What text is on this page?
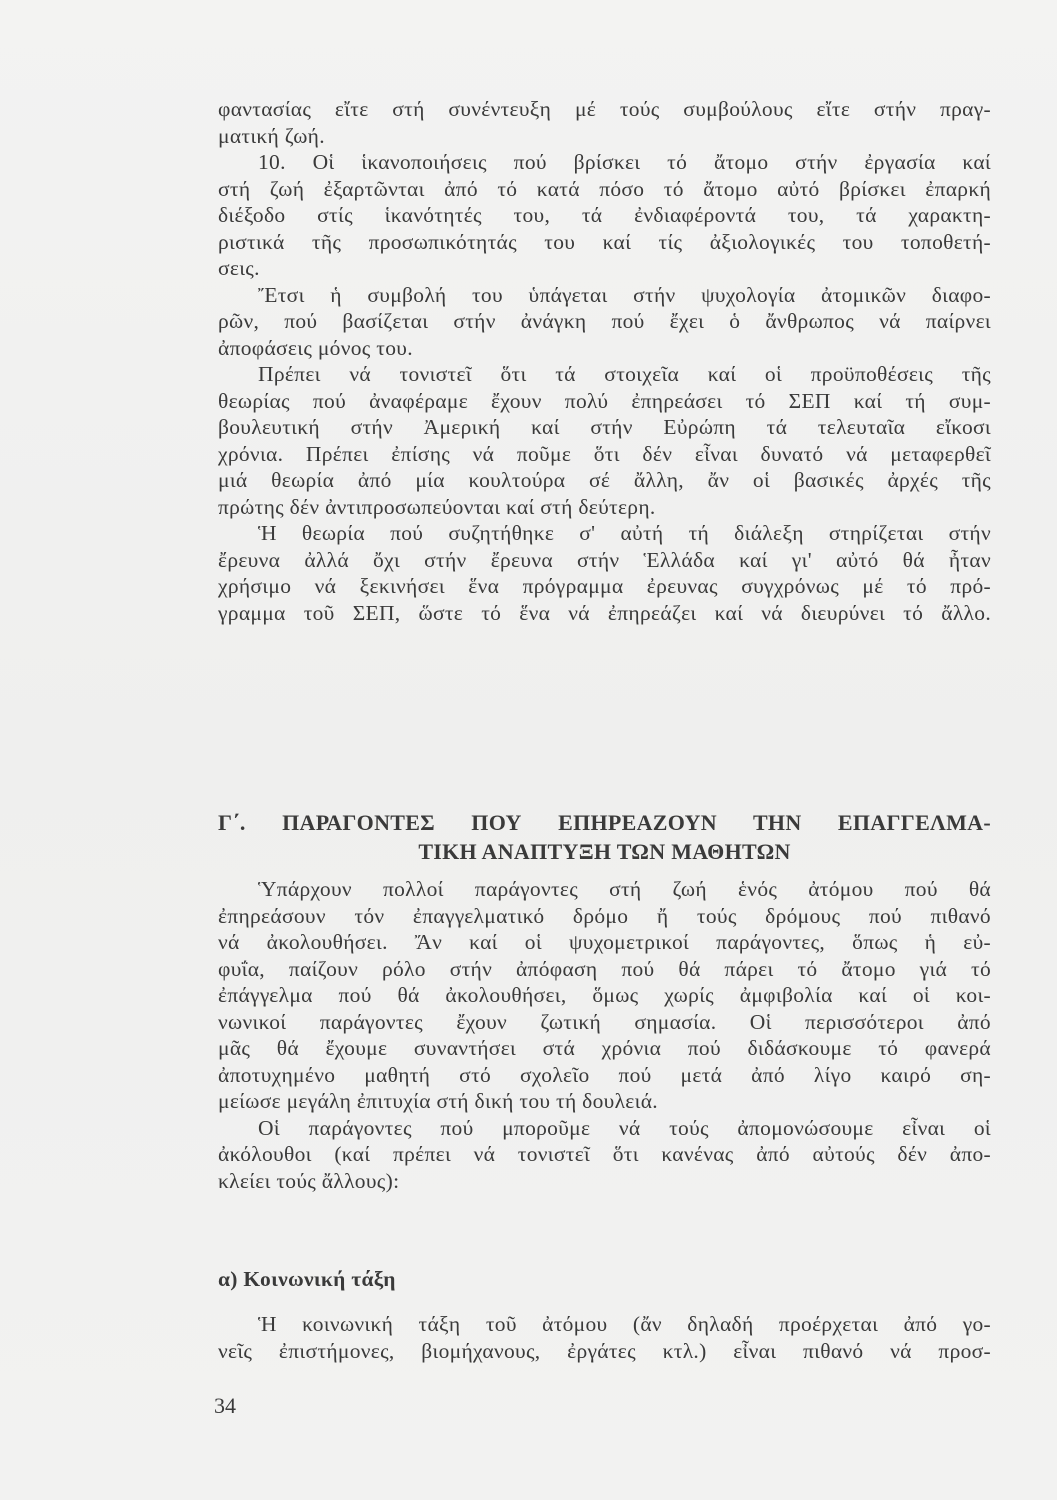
φαντασίας εἴτε στή συνέντευξη μέ τούς συμβούλους εἴτε στήν πραγ-
ματική ζωή.
10. Οἱ ἱκανοποιήσεις πού βρίσκει τό ἄτομο στήν ἐργασία καί
στή ζωή ἐξαρτῶνται ἀπό τό κατά πόσο τό ἄτομο αὐτό βρίσκει ἐπαρκή
διέξοδο στίς ἱκανότητές του, τά ἐνδιαφέροντά του, τά χαρακτη-
ριστικά τῆς προσωπικότητάς του καί τίς ἀξιολογικές του τοποθετή-
σεις.
Ἔτσι ἡ συμβολή του ὑπάγεται στήν ψυχολογία ἀτομικῶν διαφο-
ρῶν, πού βασίζεται στήν ἀνάγκη πού ἔχει ὁ ἄνθρωπος νά παίρνει
ἀποφάσεις μόνος του.
Πρέπει νά τονιστεῖ ὅτι τά στοιχεῖα καί οἱ προϋποθέσεις τῆς
θεωρίας πού ἀναφέραμε ἔχουν πολύ ἐπηρεάσει τό ΣΕΠ καί τή συμ-
βουλευτική στήν Ἀμερική καί στήν Εὐρώπη τά τελευταῖα εἴκοσι
χρόνια. Πρέπει ἐπίσης νά ποῦμε ὅτι δέν εἶναι δυνατό νά μεταφερθεῖ
μιά θεωρία ἀπό μία κουλτούρα σέ ἄλλη, ἄν οἱ βασικές ἀρχές τῆς
πρώτης δέν ἀντιπροσωπεύονται καί στή δεύτερη.
Ἡ θεωρία πού συζητήθηκε σ' αὐτή τή διάλεξη στηρίζεται στήν
ἔρευνα ἀλλά ὄχι στήν ἔρευνα στήν Ἑλλάδα καί γι' αὐτό θά ἦταν
χρήσιμο νά ξεκινήσει ἕνα πρόγραμμα ἐρευνας συγχρόνως μέ τό πρό-
γραμμα τοῦ ΣΕΠ, ὥστε τό ἕνα νά ἐπηρεάζει καί νά διευρύνει τό ἄλλο.
Γ΄. ΠΑΡΑΓΟΝΤΕΣ ΠΟΥ ΕΠΗΡΕΑΖΟΥΝ ΤΗΝ ΕΠΑΓΓΕΛΜΑ-
ΤΙΚΗ ΑΝΑΠΤΥΞΗ ΤΩΝ ΜΑΘΗΤΩΝ
Ὑπάρχουν πολλοί παράγοντες στή ζωή ἑνός ἀτόμου πού θά
ἐπηρεάσουν τόν ἐπαγγελματικό δρόμο ἤ τούς δρόμους πού πιθανό
νά ἀκολουθήσει. Ἄν καί οἱ ψυχομετρικοί παράγοντες, ὅπως ἡ εὐ-
φυΐα, παίζουν ρόλο στήν ἀπόφαση πού θά πάρει τό ἄτομο γιά τό
ἐπάγγελμα πού θά ἀκολουθήσει, ὅμως χωρίς ἀμφιβολία καί οἱ κοι-
νωνικοί παράγοντες ἔχουν ζωτική σημασία. Οἱ περισσότεροι ἀπό
μᾶς θά ἔχουμε συναντήσει στά χρόνια πού διδάσκουμε τό φανερά
ἀποτυχημένο μαθητή στό σχολεῖο πού μετά ἀπό λίγο καιρό ση-
μείωσε μεγάλη ἐπιτυχία στή δική του τή δουλειά.
Οἱ παράγοντες πού μποροῦμε νά τούς ἀπομονώσουμε εἶναι οἱ
ἀκόλουθοι (καί πρέπει νά τονιστεῖ ὅτι κανένας ἀπό αὐτούς δέν ἀπο-
κλείει τούς ἄλλους):
α) Κοινωνική τάξη
Ἡ κοινωνική τάξη τοῦ ἀτόμου (ἄν δηλαδή προέρχεται ἀπό γο-
νεῖς ἐπιστήμονες, βιομήχανους, ἐργάτες κτλ.) εἶναι πιθανό νά προσ-
34
